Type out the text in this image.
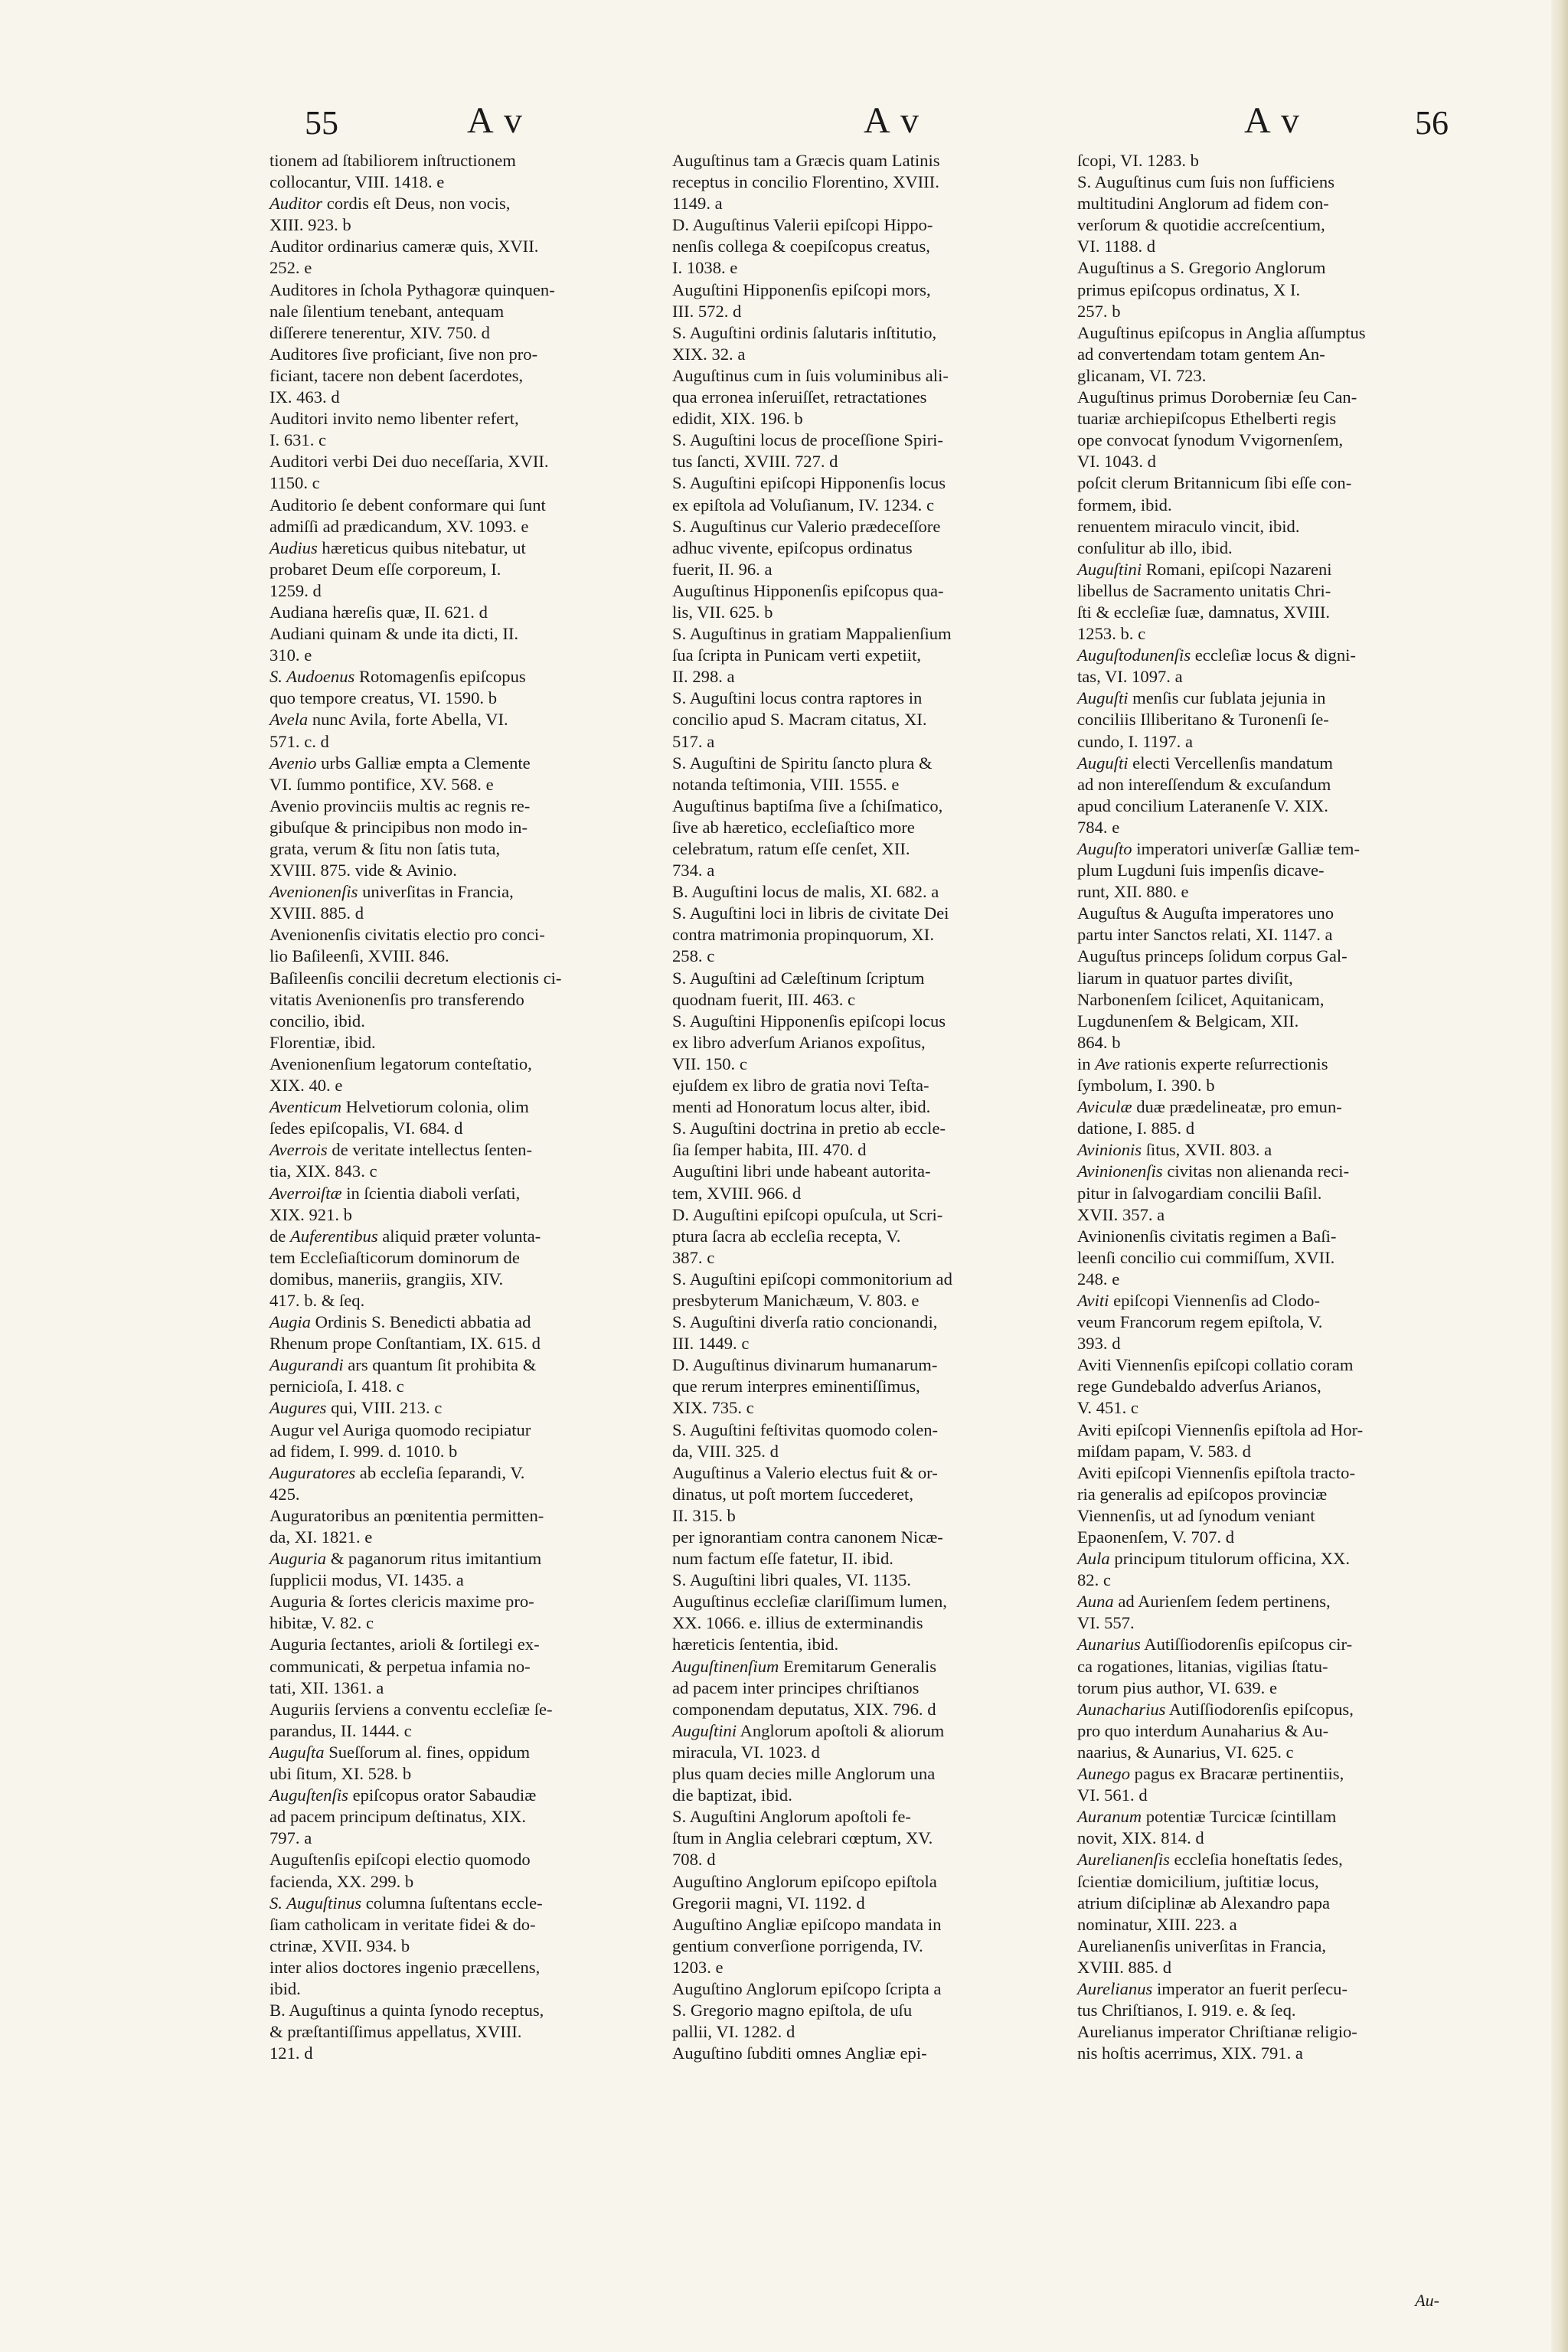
55	A v	A v	A v	56
tionem ad ſtabiliorem inſtructionem
collocantur, VIII. 1418. e
Auditor cordis eſt Deus, non vocis,
XIII. 923. b
Auditor ordinarius cameræ quis, XVII.
252. e
Auditores in ſchola Pythagoræ quinquen-
nale ſilentium tenebant, antequam
diſſerere tenerentur, XIV. 750. d
Auditores ſive proficiant, ſive non pro-
ficiant, tacere non debent ſacerdotes,
IX. 463. d
Auditori invito nemo libenter refert,
I. 631. c
Auditori verbi Dei duo neceſſaria, XVII.
1150. c
Auditorio ſe debent conformare qui ſunt
admiſſi ad prædicandum, XV. 1093. e
Audius hæreticus quibus nitebatur, ut
probaret Deum eſſe corporeum, I.
1259. d
Audiana hæreſis quæ, II. 621. d
Audiani quinam & unde ita dicti, II.
310. e
S. Audoenus Rotomagenſis epiſcopus
quo tempore creatus, VI. 1590. b
Avela nunc Avila, forte Abella, VI.
571. c. d
Avenio urbs Galliæ empta a Clemente
VI. ſummo pontifice, XV. 568. e
Avenio provinciis multis ac regnis re-
gibuſque & principibus non modo in-
grata, verum & ſitu non ſatis tuta,
XVIII. 875. vide & Avinio.
Avenionenſis univerſitas in Francia,
XVIII. 885. d
Avenionenſis civitatis electio pro conci-
lio Baſileenſi, XVIII. 846.
Baſileenſis concilii decretum electionis ci-
vitatis Avenionenſis pro transferendo
concilio, ibid.
Florentiæ, ibid.
Avenionenſium legatorum conteſtatio,
XIX. 40. e
Aventicum Helvetiorum colonia, olim
ſedes epiſcopalis, VI. 684. d
Averrois de veritate intellectus ſenten-
tia, XIX. 843. c
Averroiſtæ in ſcientia diaboli verſati,
XIX. 921. b
de Auferentibus aliquid præter volunta-
tem Eccleſiaſticorum dominorum de
domibus, maneriis, grangiis, XIV.
417. b. & ſeq.
Augia Ordinis S. Benedicti abbatia ad
Rhenum prope Conſtantiam, IX. 615. d
Augurandi ars quantum ſit prohibita &
pernicioſa, I. 418. c
Augures qui, VIII. 213. c
Augur vel Auriga quomodo recipiatur
ad fidem, I. 999. d. 1010. b
Auguratores ab eccleſia ſeparandi, V.
425.
Auguratoribus an pœnitentia permitten-
da, XI. 1821. e
Auguria & paganorum ritus imitantium
ſupplicii modus, VI. 1435. a
Auguria & ſortes clericis maxime pro-
hibitæ, V. 82. c
Auguria ſectantes, arioli & ſortilegi ex-
communicati, & perpetua infamia no-
tati, XII. 1361. a
Auguriis ſerviens a conventu eccleſiæ ſe-
parandus, II. 1444. c
Auguſta Sueſſorum al. fines, oppidum
ubi ſitum, XI. 528. b
Auguſtenſis epiſcopus orator Sabaudiæ
ad pacem principum deſtinatus, XIX.
797. a
Auguſtenſis epiſcopi electio quomodo
facienda, XX. 299. b
S. Auguſtinus columna ſuſtentans eccle-
ſiam catholicam in veritate fidei & do-
ctrinæ, XVII. 934. b
inter alios doctores ingenio præcellens,
ibid.
B. Auguſtinus a quinta ſynodo receptus,
& præſtantiſſimus appellatus, XVIII.
121. d
Auguſtinus tam a Græcis quam Latinis
receptus in concilio Florentino, XVIII.
1149. a
D. Auguſtinus Valerii epiſcopi Hippo-
nenſis collega & coepiſcopus creatus,
I. 1038. e
Auguſtini Hipponenſis epiſcopi mors,
III. 572. d
S. Auguſtini ordinis ſalutaris inſtitutio,
XIX. 32. a
Auguſtinus cum in ſuis voluminibus ali-
qua erronea inſeruiſſet, retractationes
edidit, XIX. 196. b
S. Auguſtini locus de proceſſione Spiri-
tus ſancti, XVIII. 727. d
S. Auguſtini epiſcopi Hipponenſis locus
ex epiſtola ad Voluſianum, IV. 1234. c
S. Auguſtinus cur Valerio prædeceſſore
adhuc vivente, epiſcopus ordinatus
fuerit, II. 96. a
Auguſtinus Hipponenſis epiſcopus qua-
lis, VII. 625. b
S. Auguſtinus in gratiam Mappalienſium
ſua ſcripta in Punicam verti expetiit,
II. 298. a
S. Auguſtini locus contra raptores in
concilio apud S. Macram citatus, XI.
517. a
S. Auguſtini de Spiritu ſancto plura &
notanda teſtimonia, VIII. 1555. e
Auguſtinus baptiſma ſive a ſchiſmatico,
ſive ab hæretico, eccleſiaſtico more
celebratum, ratum eſſe cenſet, XII.
734. a
B. Auguſtini locus de malis, XI. 682. a
S. Auguſtini loci in libris de civitate Dei
contra matrimonia propinquorum, XI.
258. c
S. Auguſtini ad Cæleſtinum ſcriptum
quodnam fuerit, III. 463. c
S. Auguſtini Hipponenſis epiſcopi locus
ex libro adverſum Arianos expoſitus,
VII. 150. c
ejuſdem ex libro de gratia novi Teſta-
menti ad Honoratum locus alter, ibid.
S. Auguſtini doctrina in pretio ab eccle-
ſia ſemper habita, III. 470. d
Auguſtini libri unde habeant autorita-
tem, XVIII. 966. d
D. Auguſtini epiſcopi opuſcula, ut Scri-
ptura ſacra ab eccleſia recepta, V.
387. c
S. Auguſtini epiſcopi commonitorium ad
presbyterum Manichæum, V. 803. e
S. Auguſtini diverſa ratio concionandi,
III. 1449. c
D. Auguſtinus divinarum humanarum-
que rerum interpres eminentiſſimus,
XIX. 735. c
S. Auguſtini feſtivitas quomodo colen-
da, VIII. 325. d
Auguſtinus a Valerio electus fuit & or-
dinatus, ut poſt mortem ſuccederet,
II. 315. b
per ignorantiam contra canonem Nicæ-
num factum eſſe fatetur, II. ibid.
S. Auguſtini libri quales, VI. 1135.
Auguſtinus eccleſiæ clariſſimum lumen,
XX. 1066. e. illius de exterminandis
hæreticis ſententia, ibid.
Auguſtinenſium Eremitarum Generalis
ad pacem inter principes chriſtianos
componendam deputatus, XIX. 796. d
Auguſtini Anglorum apoſtoli & aliorum
miracula, VI. 1023. d
plus quam decies mille Anglorum una
die baptizat, ibid.
S. Auguſtini Anglorum apoſtoli fe-
ſtum in Anglia celebrari cœptum, XV.
708. d
Auguſtino Anglorum epiſcopo epiſtola
Gregorii magni, VI. 1192. d
Auguſtino Angliæ epiſcopo mandata in
gentium converſione porrigenda, IV.
1203. e
Auguſtino Anglorum epiſcopo ſcripta a
S. Gregorio magno epiſtola, de uſu
pallii, VI. 1282. d
Auguſtino ſubditi omnes Angliæ epi-
ſcopi, VI. 1283. b
S. Auguſtinus cum ſuis non ſufficiens
multitudini Anglorum ad fidem con-
verſorum & quotidie accreſcentium,
VI. 1188. d
Auguſtinus a S. Gregorio Anglorum
primus epiſcopus ordinatus, X I.
257. b
Auguſtinus epiſcopus in Anglia aſſumptus
ad convertendam totam gentem An-
glicanam, VI. 723.
Auguſtinus primus Doroberniæ ſeu Can-
tuariæ archiepiſcopus Ethelberti regis
ope convocat ſynodum Vvigornenſem,
VI. 1043. d
poſcit clerum Britannicum ſibi eſſe con-
formem, ibid.
renuentem miraculo vincit, ibid.
conſulitur ab illo, ibid.
Auguſtini Romani, epiſcopi Nazareni
libellus de Sacramento unitatis Chri-
ſti & eccleſiæ ſuæ, damnatus, XVIII.
1253. b. c
Auguſtodunenſis eccleſiæ locus & digni-
tas, VI. 1097. a
Auguſti menſis cur ſublata jejunia in
conciliis Illiberitano & Turonenſi ſe-
cundo, I. 1197. a
Auguſti electi Vercellenſis mandatum
ad non intereſſendum & excuſandum
apud concilium Lateranenſe V. XIX.
784. e
Auguſto imperatori univerſæ Galliæ tem-
plum Lugduni ſuis impenſis dicave-
runt, XII. 880. e
Auguſtus & Auguſta imperatores uno
partu inter Sanctos relati, XI. 1147. a
Auguſtus princeps ſolidum corpus Gal-
liarum in quatuor partes diviſit,
Narbonenſem ſcilicet, Aquitanicam,
Lugdunenſem & Belgicam, XII.
864. b
in Ave rationis experte reſurrectionis
ſymbolum, I. 390. b
Aviculæ duæ prædelineatæ, pro emun-
datione, I. 885. d
Avinionis ſitus, XVII. 803. a
Avinionenſis civitas non alienanda reci-
pitur in ſalvogardiam concilii Baſil.
XVII. 357. a
Avinionenſis civitatis regimen a Baſi-
leenſi concilio cui commiſſum, XVII.
248. e
Aviti epiſcopi Viennenſis ad Clodo-
veum Francorum regem epiſtola, V.
393. d
Aviti Viennenſis epiſcopi collatio coram
rege Gundebaldo adverſus Arianos,
V. 451. c
Aviti epiſcopi Viennenſis epiſtola ad Hor-
miſdam papam, V. 583. d
Aviti epiſcopi Viennenſis epiſtola tracto-
ria generalis ad epiſcopos provinciæ
Viennenſis, ut ad ſynodum veniant
Epaonenſem, V. 707. d
Aula principum titulorum officina, XX.
82. c
Auna ad Aurienſem ſedem pertinens,
VI. 557.
Aunarius Autiſſiodorenſis epiſcopus cir-
ca rogationes, litanias, vigilias ſtatu-
torum pius author, VI. 639. e
Aunacharius Autiſſiodorenſis epiſcopus,
pro quo interdum Aunaharius & Au-
naarius, & Aunarius, VI. 625. c
Aunego pagus ex Bracaræ pertinentiis,
VI. 561. d
Auranum potentiæ Turcicæ ſcintillam
novit, XIX. 814. d
Aurelianenſis eccleſia honeſtatis ſedes,
ſcientiæ domicilium, juſtitiæ locus,
atrium diſciplinæ ab Alexandro papa
nominatur, XIII. 223. a
Aurelianenſis univerſitas in Francia,
XVIII. 885. d
Aurelianus imperator an fuerit perſecu-
tus Chriſtianos, I. 919. e. & ſeq.
Aurelianus imperator Chriſtianæ religio-
nis hoſtis acerrimus, XIX. 791. a
Au-
